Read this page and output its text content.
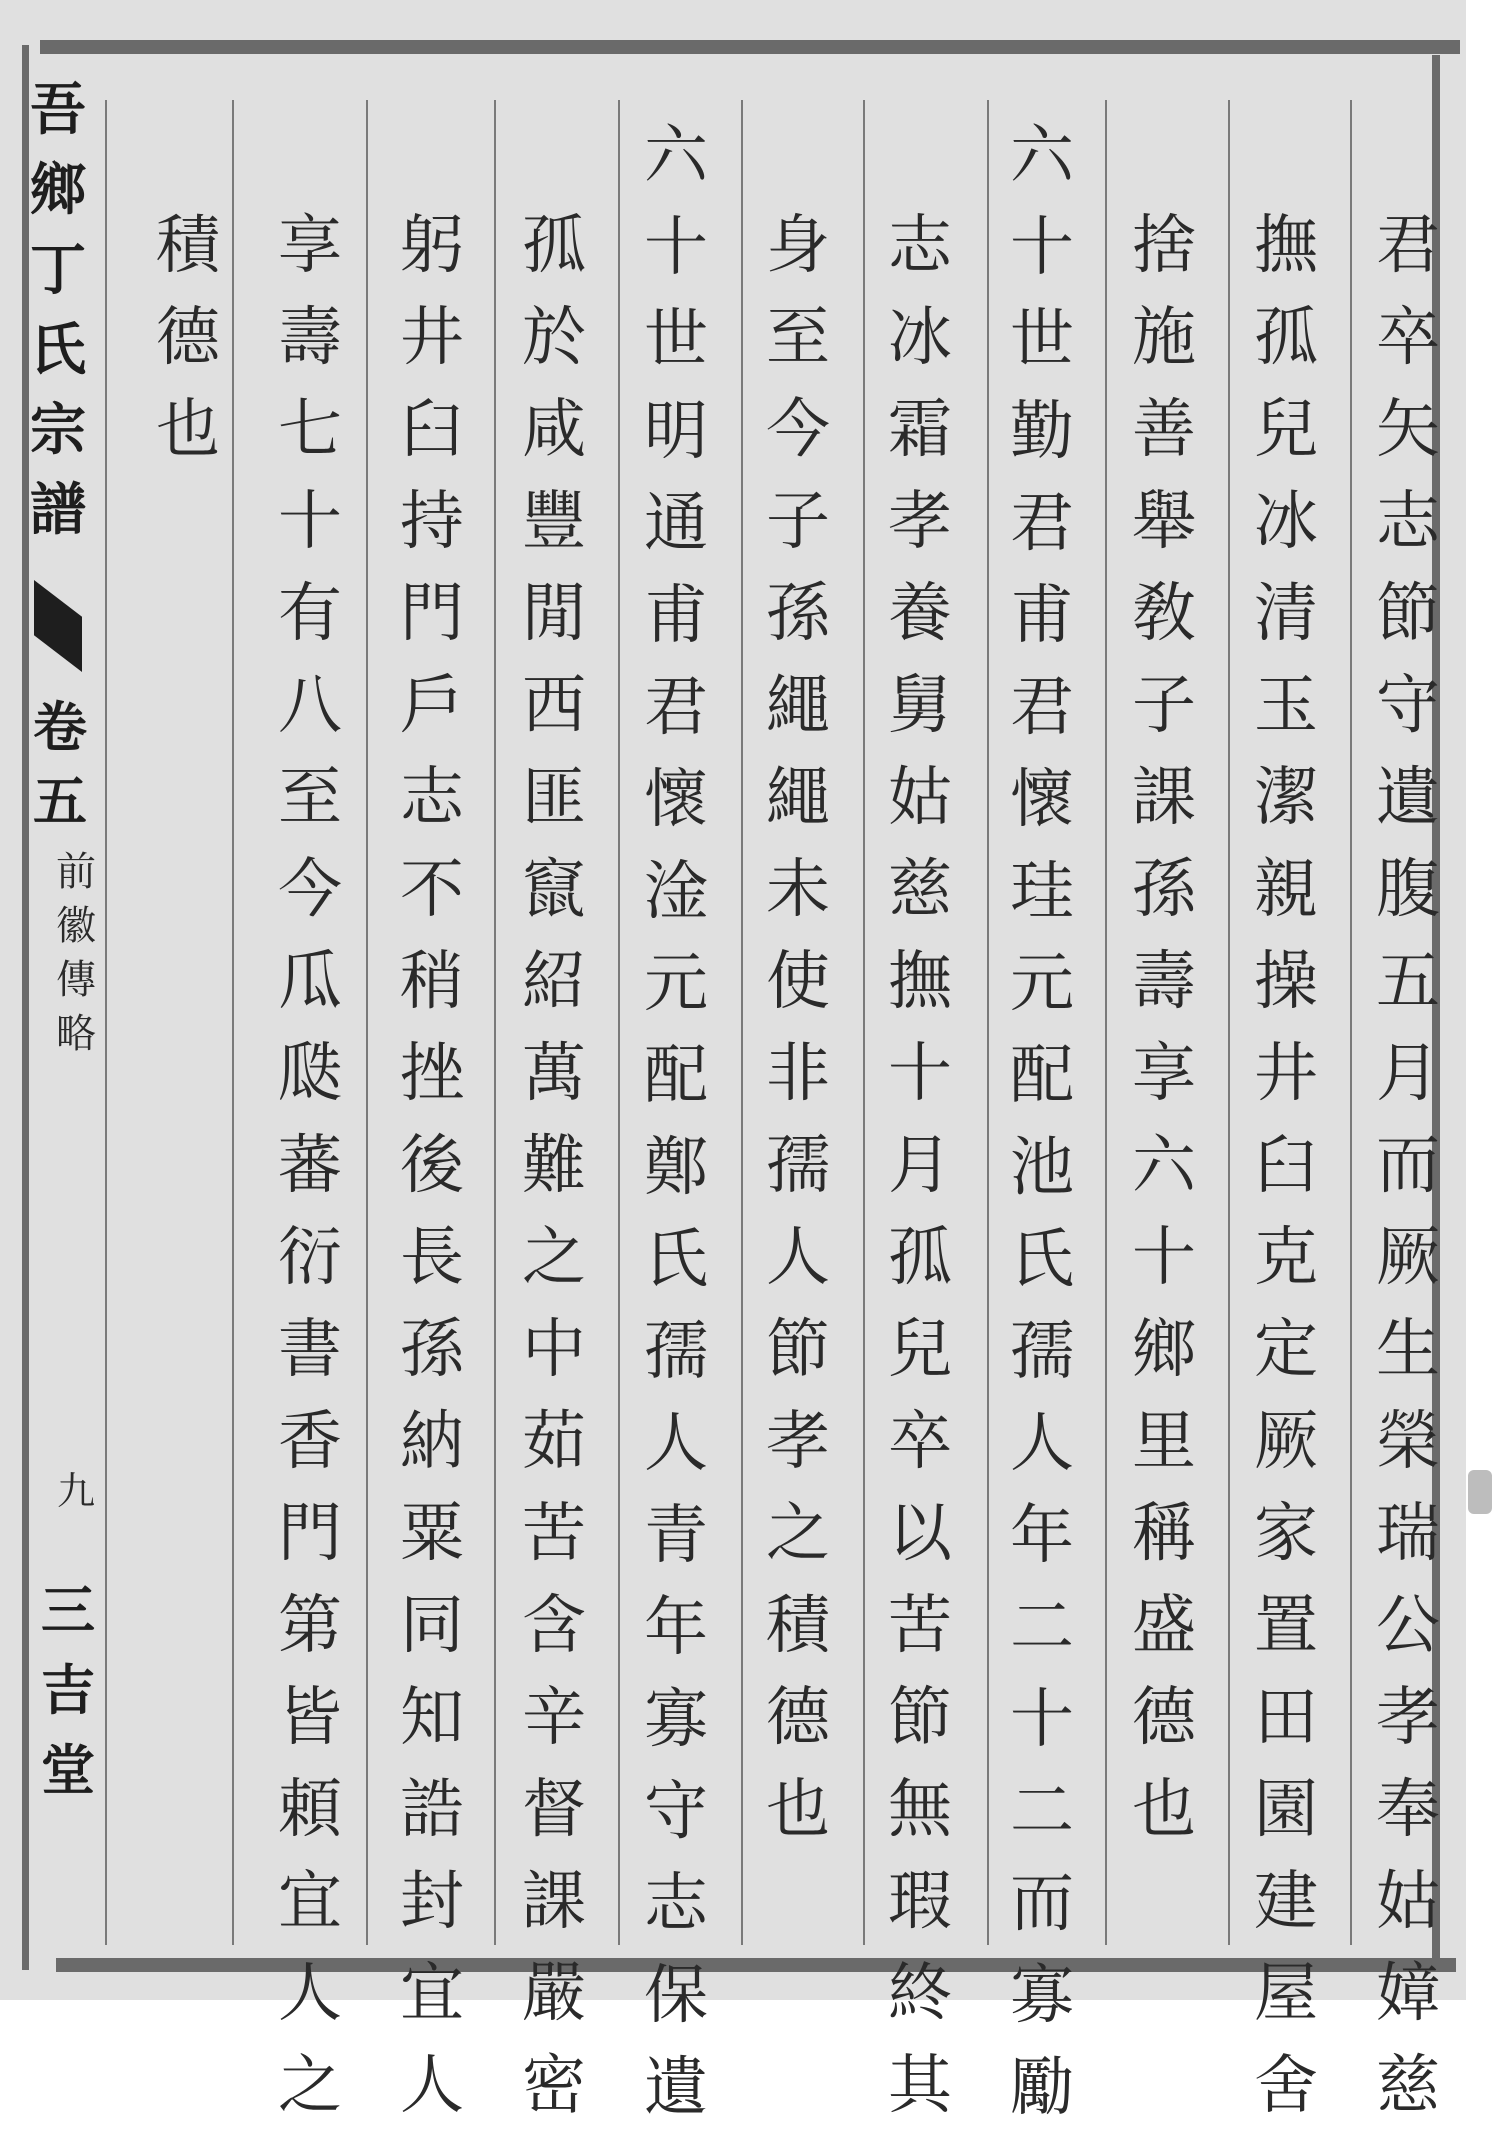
吾
鄉
丁
氏
宗
譜
卷
五
前
徽
傳
略
九
三
吉
堂
君
卒
矢
志
節
守
遺
腹
五
月
而
厥
生
榮
瑞
公
孝
奉
姑
嫜
慈
撫
孤
兒
冰
清
玉
潔
親
操
井
臼
克
定
厥
家
置
田
園
建
屋
舍
捨
施
善
舉
敎
子
課
孫
壽
享
六
十
鄉
里
稱
盛
德
也
六
十
世
勤
君
甫
君
懷
珪
元
配
池
氏
孺
人
年
二
十
二
而
寡
勵
志
冰
霜
孝
養
舅
姑
慈
撫
十
月
孤
兒
卒
以
苦
節
無
瑕
終
其
身
至
今
子
孫
繩
繩
未
使
非
孺
人
節
孝
之
積
德
也
六
十
世
明
通
甫
君
懷
淦
元
配
鄭
氏
孺
人
青
年
寡
守
志
保
遺
孤
於
咸
豐
閒
西
匪
竄
紹
萬
難
之
中
茹
苦
含
辛
督
課
嚴
密
躬
井
臼
持
門
戶
志
不
稍
挫
後
長
孫
納
粟
同
知
誥
封
宜
人
享
壽
七
十
有
八
至
今
瓜
瓞
蕃
衍
書
香
門
第
皆
頼
宜
人
之
積
德
也
